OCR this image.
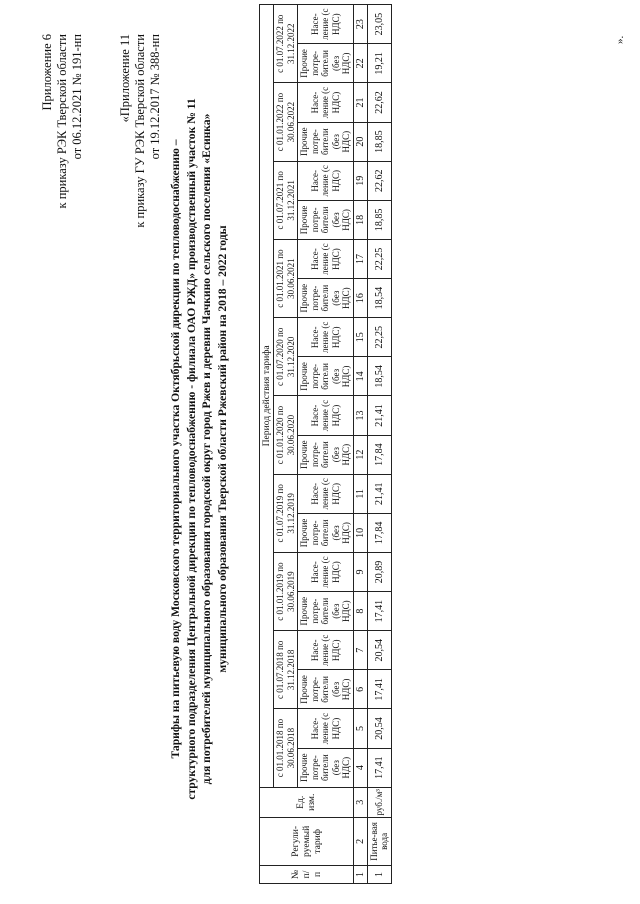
Приложение 6 к приказу РЭК Тверской области от 06.12.2021 № 191-нп	«Приложение 11 к приказу ГУ РЭК Тверской области от 19.12.2017 № 388-нп
Тарифы на питьевую воду Московского территориального участка Октябрьской дирекции по тепловодоснабжению – структурного подразделения Центральной дирекции по тепловодоснабжению - филиала ОАО РЖД» производственный участок № 11 для потребителей муниципального образования городской округ город Ржев и деревни Чачкино сельского поселения «Есинка» муниципального образования Тверской области Ржевский район на 2018 – 2022 годы
№ п/ п	Регули-руемый тариф	Ед. изм.	Период действия тарифа																			
			с 01.01.2018 по 30.06.2018		с 01.07.2018 по 31.12.2018		с 01.01.2019 по 30.06.2019		с 01.07.2019 по 31.12.2019		с 01.01.2020 по 30.06.2020		с 01.07.2020 по 31.12.2020		с 01.01.2021 по 30.06.2021		с 01.07.2021 по 31.12.2021		с 01.01.2022 по 30.06.2022		с 01.07.2022 по 31.12.2022	
			Прочие потре-бители (без НДС)	Насе-ление (с НДС)	Прочие потре-бители (без НДС)	Насе-ление (с НДС)	Прочие потре-бители (без НДС)	Насе-ление (с НДС)	Прочие потре-бители (без НДС)	Насе-ление (с НДС)	Прочие потре-бители (без НДС)	Насе-ление (с НДС)	Прочие потре-бители (без НДС)	Насе-ление (с НДС)	Прочие потре-бители (без НДС)	Насе-ление (с НДС)	Прочие потре-бители (без НДС)	Насе-ление (с НДС)	Прочие потре-бители (без НДС)	Насе-ление (с НДС)	Прочие потре-бители (без НДС)	Насе-ление (с НДС)
1	2	3	4	5	6	7	8	9	10	11	12	13	14	15	16	17	18	19	20	21	22	23
1	Питье-вая вода	руб./м³	17,41	20,54	17,41	20,54	17,41	20,89	17,84	21,41	17,84	21,41	18,54	22,25	18,54	22,25	18,85	22,62	18,85	22,62	19,21	23,05
».
